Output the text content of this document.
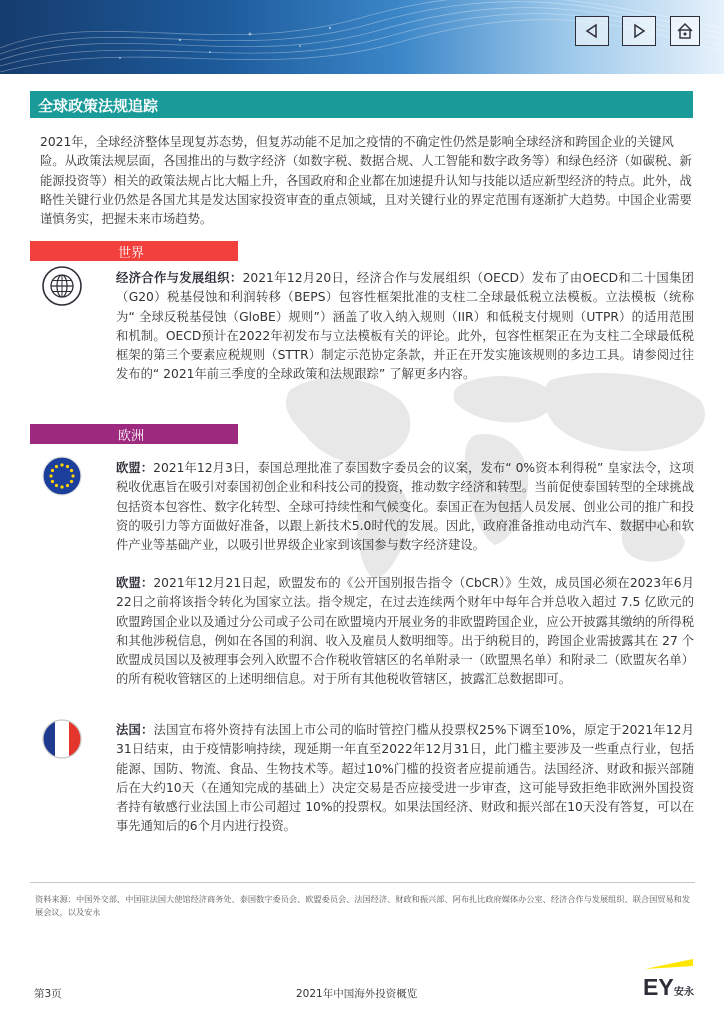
全球政策法规追踪

2021年，全球经济整体呈现复苏态势，但复苏动能不足加之疫情的不确定性仍然是影响全球经济和跨国企业的关键风险。从政策法规层面，各国推出的与数字经济（如数字税、数据合规、人工智能和数字政务等）和绿色经济（如碳税、新能源投资等）相关的政策法规占比大幅上升，各国政府和企业都在加速提升认知与技能以适应新型经济的特点。此外，战略性关键行业仍然是各国尤其是发达国家投资审查的重点领域，且对关键行业的界定范围有逐渐扩大趋势。中国企业需要谨慎务实，把握未来市场趋势。

世界

经济合作与发展组织：2021年12月20日，经济合作与发展组织（OECD）发布了由OECD和二十国集团（G20）税基侵蚀和利润转移（BEPS）包容性框架批准的支柱二全球最低税立法模板。立法模板（统称为“ 全球反税基侵蚀（GloBE）规则”）涵盖了收入纳入规则（IIR）和低税支付规则（UTPR）的适用范围和机制。OECD预计在2022年初发布与立法模板有关的评论。此外，包容性框架正在为支柱二全球最低税框架的第三个要素应税规则（STTR）制定示范协定条款，并正在开发实施该规则的多边工具。请参阅过往发布的“ 2021年前三季度的全球政策和法规跟踪” 了解更多内容。

欧洲

欧盟：2021年12月3日，泰国总理批准了泰国数字委员会的议案，发布“ 0%资本利得税” 皇家法令，这项税收优惠旨在吸引对泰国初创企业和科技公司的投资，推动数字经济和转型。当前促使泰国转型的全球挑战包括资本包容性、数字化转型、全球可持续性和气候变化。泰国正在为包括人员发展、创业公司的推广和投资的吸引力等方面做好准备，以跟上新技术5.0时代的发展。因此，政府准备推动电动汽车、数据中心和软件产业等基础产业，以吸引世界级企业家到该国参与数字经济建设。

欧盟：2021年12月21日起，欧盟发布的《公开国别报告指令（CbCR）》生效，成员国必须在2023年6月22日之前将该指令转化为国家立法。指令规定，在过去连续两个财年中每年合并总收入超过 7.5 亿欧元的欧盟跨国企业以及通过分公司或子公司在欧盟境内开展业务的非欧盟跨国企业，应公开披露其缴纳的所得税和其他涉税信息，例如在各国的利润、收入及雇员人数明细等。出于纳税目的，跨国企业需披露其在 27 个欧盟成员国以及被理事会列入欧盟不合作税收管辖区的名单附录一（欧盟黑名单）和附录二（欧盟灰名单）的所有税收管辖区的上述明细信息。对于所有其他税收管辖区，披露汇总数据即可。

法国：法国宣布将外资持有法国上市公司的临时管控门槛从投票权25%下调至10%，原定于2021年12月31日结束，由于疫情影响持续，现延期一年直至2022年12月31日，此门槛主要涉及一些重点行业，包括能源、国防、物流、食品、生物技术等。超过10%门槛的投资者应提前通告。法国经济、财政和振兴部随后在大约10天（在通知完成的基础上）决定交易是否应接受进一步审查，这可能导致拒绝非欧洲外国投资者持有敏感行业法国上市公司超过 10%的投票权。如果法国经济、财政和振兴部在10天没有答复，可以在事先通知后的6个月内进行投资。

资料来源：中国外交部、中国驻法国大使馆经济商务处、泰国数字委员会、欧盟委员会、法国经济、财政和振兴部、阿布扎比政府媒体办公室、经济合作与发展组织、联合国贸易和发展会议，以及安永

第3页	2021年中国海外投资概览	EY 安永
